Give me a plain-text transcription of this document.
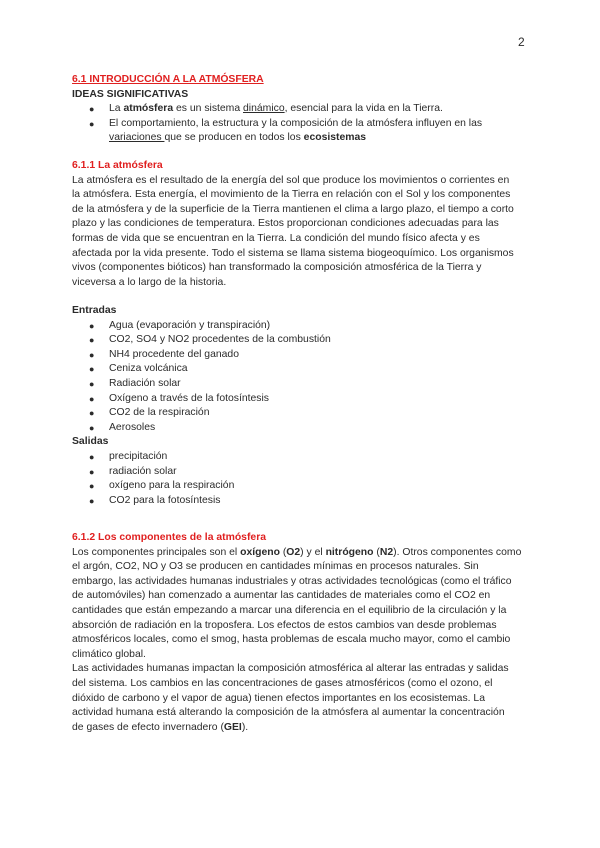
2
6.1 INTRODUCCIÓN A LA ATMÓSFERA
IDEAS SIGNIFICATIVAS
● La atmósfera es un sistema dinámico, esencial para la vida en la Tierra.
● El comportamiento, la estructura y la composición de la atmósfera influyen en las
variaciones que se producen en todos los ecosistemas
6.1.1 La atmósfera
La atmósfera es el resultado de la energía del sol que produce los movimientos o corrientes en
la atmósfera. Esta energía, el movimiento de la Tierra en relación con el Sol y los componentes
de la atmósfera y de la superficie de la Tierra mantienen el clima a largo plazo, el tiempo a corto
plazo y las condiciones de temperatura. Estos proporcionan condiciones adecuadas para las
formas de vida que se encuentran en la Tierra. La condición del mundo físico afecta y es
afectada por la vida presente. Todo el sistema se llama sistema biogeoquímico. Los organismos
vivos (componentes bióticos) han transformado la composición atmosférica de la Tierra y
viceversa a lo largo de la historia.
Entradas
● Agua (evaporación y transpiración)
● CO2, SO4 y NO2 procedentes de la combustión
● NH4 procedente del ganado
● Ceniza volcánica
● Radiación solar
● Oxígeno a través de la fotosíntesis
● CO2 de la respiración
● Aerosoles
Salidas
● precipitación
● radiación solar
● oxígeno para la respiración
● CO2 para la fotosíntesis
6.1.2 Los componentes de la atmósfera
Los componentes principales son el oxígeno (O2) y el nitrógeno (N2). Otros componentes como
el argón, CO2, NO y O3 se producen en cantidades mínimas en procesos naturales. Sin
embargo, las actividades humanas industriales y otras actividades tecnológicas (como el tráfico
de automóviles) han comenzado a aumentar las cantidades de materiales como el CO2 en
cantidades que están empezando a marcar una diferencia en el equilibrio de la circulación y la
absorción de radiación en la troposfera. Los efectos de estos cambios van desde problemas
atmosféricos locales, como el smog, hasta problemas de escala mucho mayor, como el cambio
climático global.
Las actividades humanas impactan la composición atmosférica al alterar las entradas y salidas
del sistema. Los cambios en las concentraciones de gases atmosféricos (como el ozono, el
dióxido de carbono y el vapor de agua) tienen efectos importantes en los ecosistemas. La
actividad humana está alterando la composición de la atmósfera al aumentar la concentración
de gases de efecto invernadero (GEI).
